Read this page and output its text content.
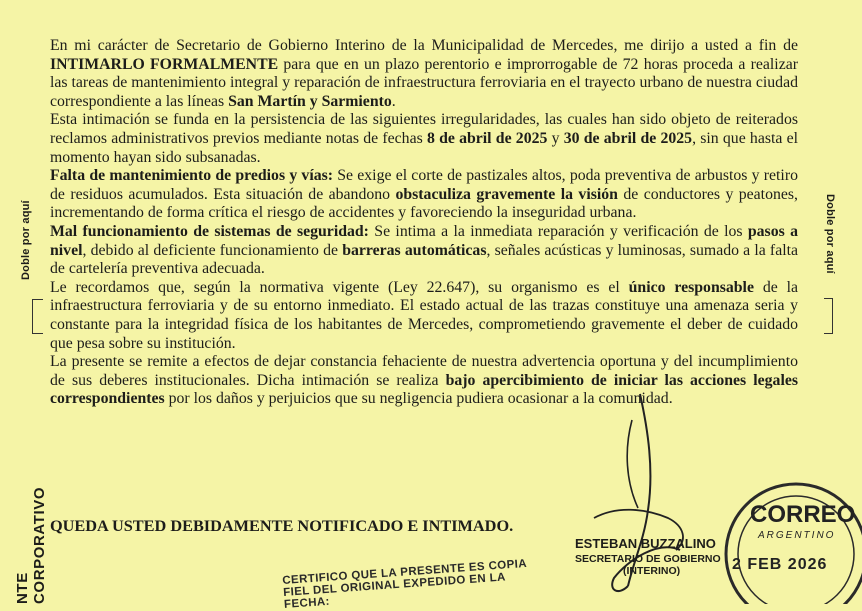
En mi carácter de Secretario de Gobierno Interino de la Municipalidad de Mercedes, me dirijo a usted a fin de INTIMARLO FORMALMENTE para que en un plazo perentorio e improrrogable de 72 horas proceda a realizar las tareas de mantenimiento integral y reparación de infraestructura ferroviaria en el trayecto urbano de nuestra ciudad correspondiente a las líneas San Martín y Sarmiento.

Esta intimación se funda en la persistencia de las siguientes irregularidades, las cuales han sido objeto de reiterados reclamos administrativos previos mediante notas de fechas 8 de abril de 2025 y 30 de abril de 2025, sin que hasta el momento hayan sido subsanadas.

Falta de mantenimiento de predios y vías: Se exige el corte de pastizales altos, poda preventiva de arbustos y retiro de residuos acumulados. Esta situación de abandono obstaculiza gravemente la visión de conductores y peatones, incrementando de forma crítica el riesgo de accidentes y favoreciendo la inseguridad urbana.

Mal funcionamiento de sistemas de seguridad: Se intima a la inmediata reparación y verificación de los pasos a nivel, debido al deficiente funcionamiento de barreras automáticas, señales acústicas y luminosas, sumado a la falta de cartelería preventiva adecuada.

Le recordamos que, según la normativa vigente (Ley 22.647), su organismo es el único responsable de la infraestructura ferroviaria y de su entorno inmediato. El estado actual de las trazas constituye una amenaza seria y constante para la integridad física de los habitantes de Mercedes, comprometiendo gravemente el deber de cuidado que pesa sobre su institución.

La presente se remite a efectos de dejar constancia fehaciente de nuestra advertencia oportuna y del incumplimiento de sus deberes institucionales. Dicha intimación se realiza bajo apercibimiento de iniciar las acciones legales correspondientes por los daños y perjuicios que su negligencia pudiera ocasionar a la comunidad.

QUEDA USTED DEBIDAMENTE NOTIFICADO E INTIMADO.
Doble por aquí	Doble por aquí
NTE CORPORATIVO	ESTEBAN BUZZALINO
SECRETARIO DE GOBIERNO
(INTERINO)
CERTIFICO QUE LA PRESENTE ES COPIA FIEL DEL ORIGINAL EXPEDIDO EN LA FECHA:
CORREO
ARGENTINO
2 FEB 2026
